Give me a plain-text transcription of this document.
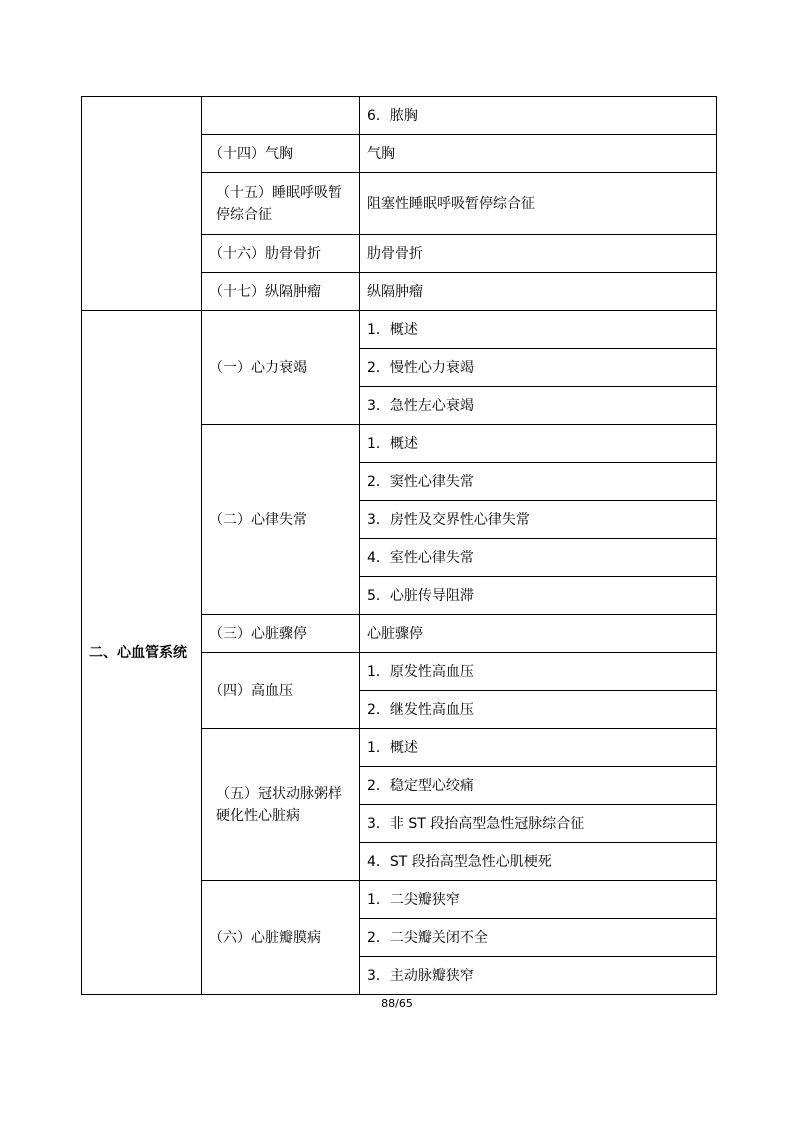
		6．脓胸
	（十四）气胸	气胸
	（十五）睡眠呼吸暂停综合征	阻塞性睡眠呼吸暂停综合征
	（十六）肋骨骨折	肋骨骨折
	（十七）纵隔肿瘤	纵隔肿瘤
二、心血管系统	（一）心力衰竭	1．概述
		2．慢性心力衰竭
		3．急性左心衰竭
	（二）心律失常	1．概述
		2．窦性心律失常
		3．房性及交界性心律失常
		4．室性心律失常
		5．心脏传导阻滞
	（三）心脏骤停	心脏骤停
	（四）高血压	1．原发性高血压
		2．继发性高血压
	（五）冠状动脉粥样硬化性心脏病	1．概述
		2．稳定型心绞痛
		3．非 ST 段抬高型急性冠脉综合征
		4．ST 段抬高型急性心肌梗死
	（六）心脏瓣膜病	1．二尖瓣狭窄
		2．二尖瓣关闭不全
		3．主动脉瓣狭窄
88/65
